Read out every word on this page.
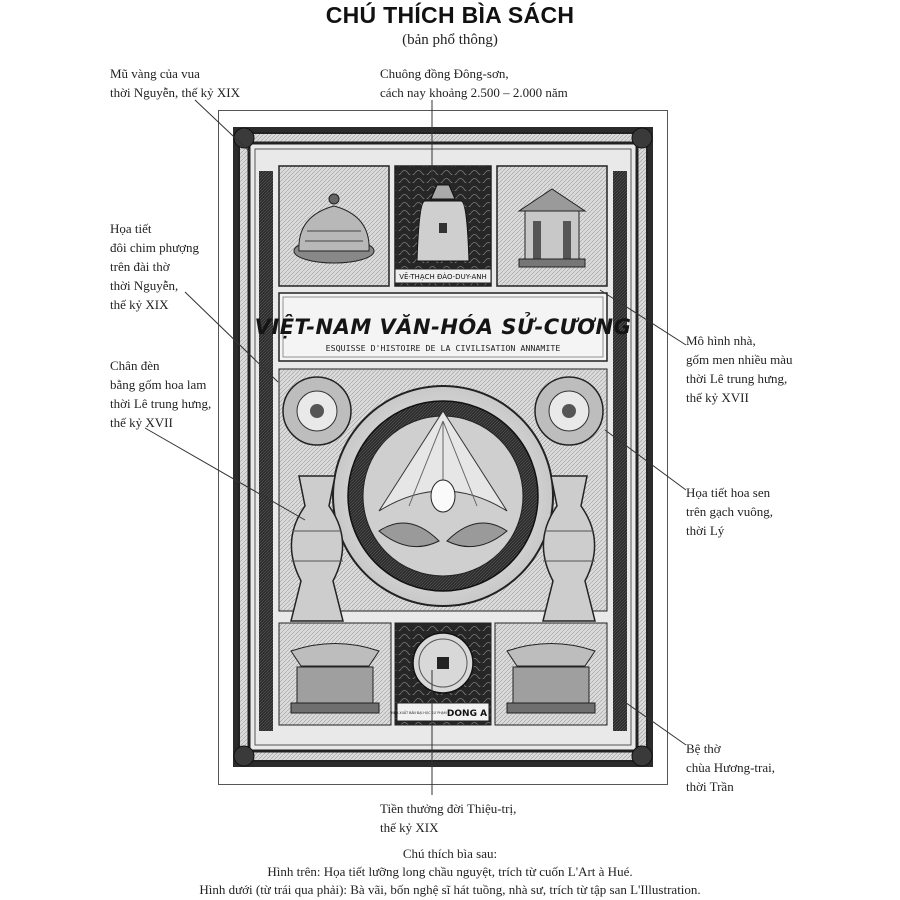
CHÚ THÍCH BÌA SÁCH
(bản phổ thông)
Mũ vàng của vua
thời Nguyễn, thế kỷ XIX
Chuông đồng Đông-sơn,
cách nay khoảng 2.500 – 2.000 năm
Họa tiết
đôi chim phượng
trên đài thờ
thời Nguyễn,
thế kỷ XIX
Chân đèn
bằng gốm hoa lam
thời Lê trung hưng,
thế kỷ XVII
Mô hình nhà,
gốm men nhiều màu
thời Lê trung hưng,
thế kỷ XVII
Họa tiết hoa sen
trên gạch vuông,
thời Lý
Bệ thờ
chùa Hương-trai,
thời Trần
Tiền thưởng đời Thiệu-trị,
thế kỷ XIX
VẼ-THẠCH ĐÀO-DUY-ANH
VIỆT-NAM VĂN-HÓA SỬ-CƯƠNG
ESQUISSE D'HISTOIRE DE LA CIVILISATION ANNAMITE
NHÀ XUẤT BẢN ĐẠI HỌC SƯ PHẠM DONG A
Chú thích bìa sau:
Hình trên: Họa tiết lưỡng long chầu nguyệt, trích từ cuốn L'Art à Hué.
Hình dưới (từ trái qua phải): Bà vãi, bốn nghệ sĩ hát tuồng, nhà sư, trích từ tập san L'Illustration.
